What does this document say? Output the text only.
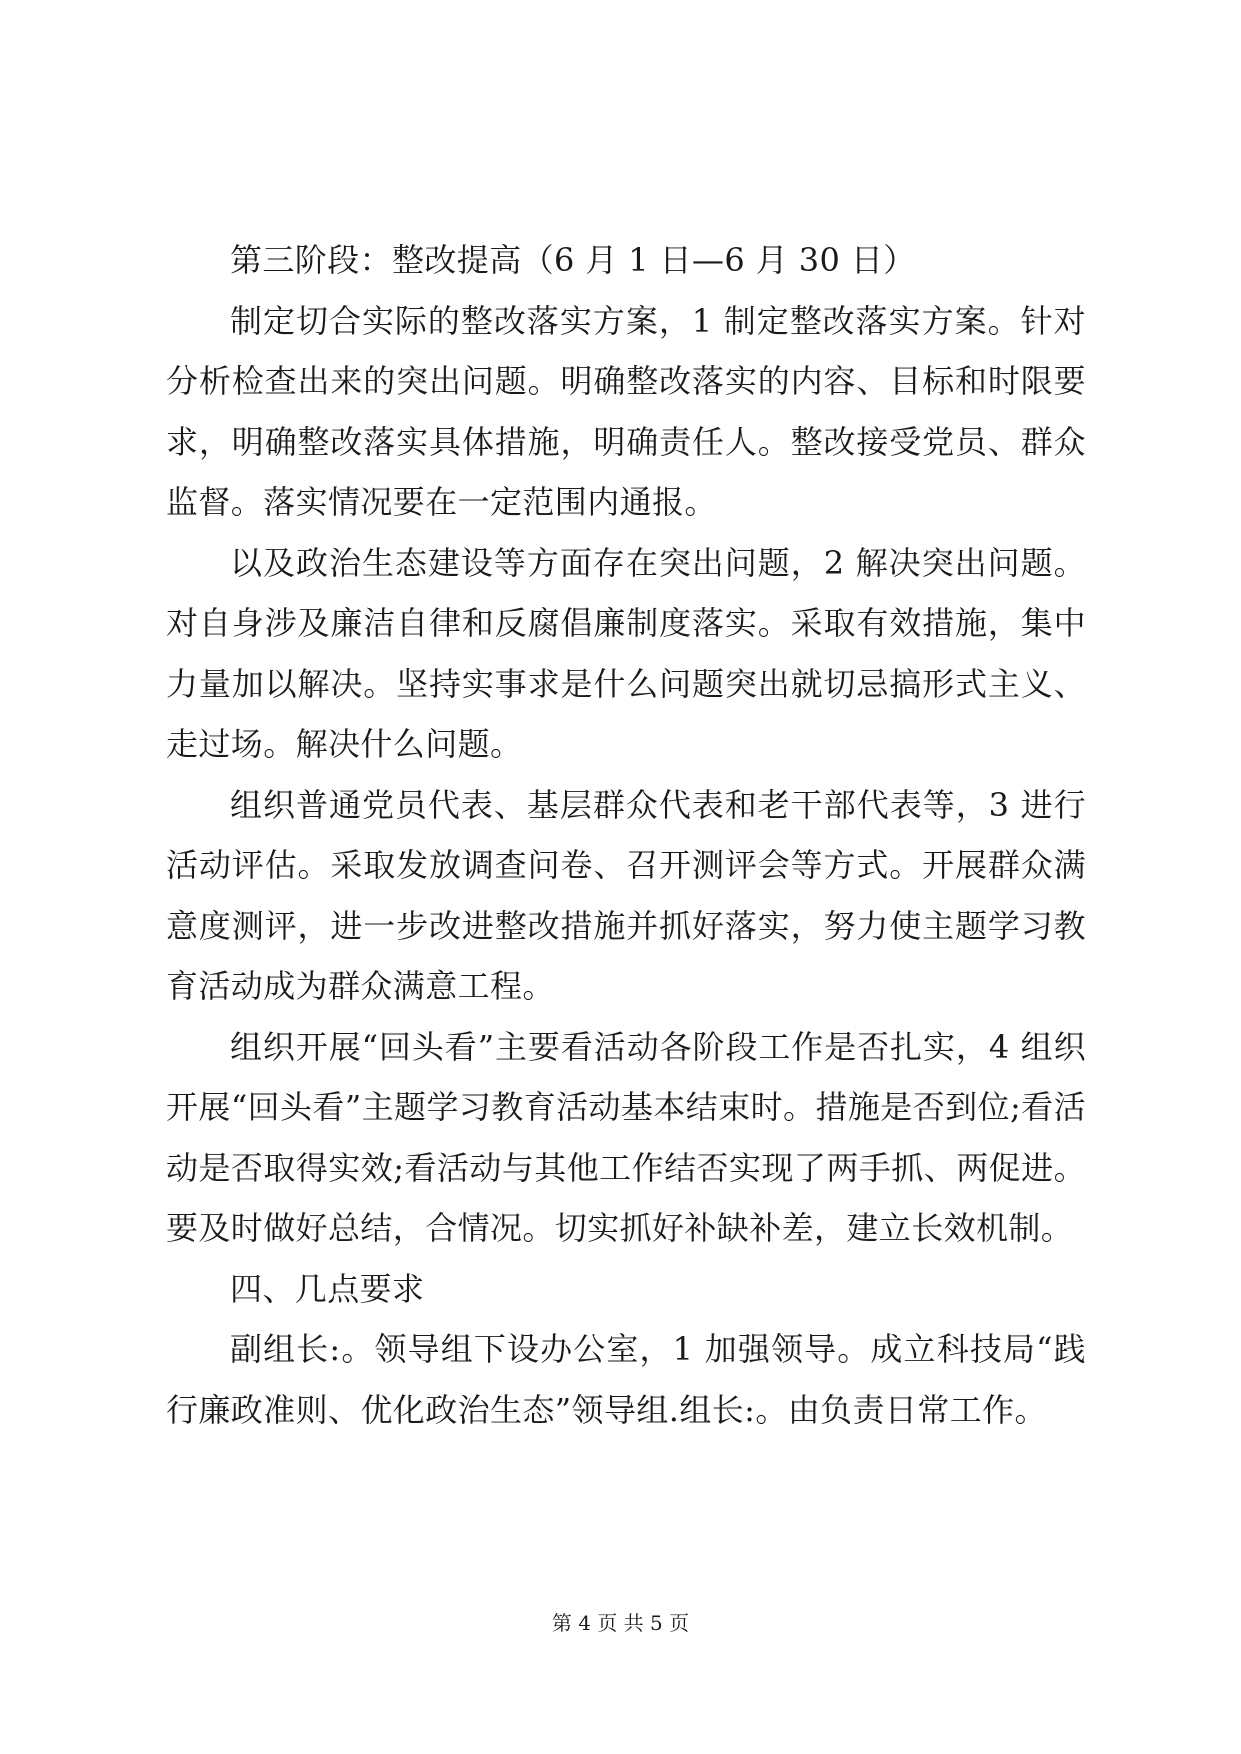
第三阶段：整改提高（6 月 1 日—6 月 30 日）

制定切合实际的整改落实方案，1 制定整改落实方案。针对分析检查出来的突出问题。明确整改落实的内容、目标和时限要求，明确整改落实具体措施，明确责任人。整改接受党员、群众监督。落实情况要在一定范围内通报。

以及政治生态建设等方面存在突出问题，2 解决突出问题。对自身涉及廉洁自律和反腐倡廉制度落实。采取有效措施，集中力量加以解决。坚持实事求是什么问题突出就切忌搞形式主义、走过场。解决什么问题。

组织普通党员代表、基层群众代表和老干部代表等，3 进行活动评估。采取发放调查问卷、召开测评会等方式。开展群众满意度测评，进一步改进整改措施并抓好落实，努力使主题学习教育活动成为群众满意工程。

组织开展“回头看”主要看活动各阶段工作是否扎实，4 组织开展“回头看”主题学习教育活动基本结束时。措施是否到位;看活动是否取得实效;看活动与其他工作结否实现了两手抓、两促进。要及时做好总结，合情况。切实抓好补缺补差，建立长效机制。

四、几点要求

副组长:。领导组下设办公室，1 加强领导。成立科技局“践行廉政准则、优化政治生态”领导组.组长:。由负责日常工作。

第 4 页 共 5 页
